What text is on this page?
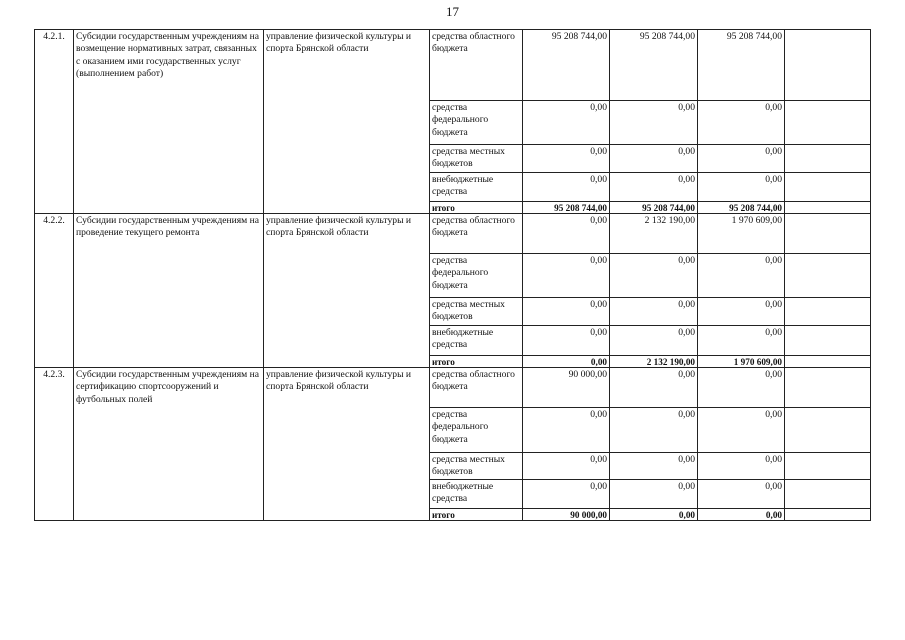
17
4.2.1.	Субсидии государственным учреждениям на возмещение нормативных затрат, связанных с оказанием ими государственных услуг (выполнением работ)	управление физической культуры и спорта Брянской области	средства областного бюджета	95 208 744,00	95 208 744,00	95 208 744,00	
			средства федерального бюджета	0,00	0,00	0,00	
			средства местных бюджетов	0,00	0,00	0,00	
			внебюджетные средства	0,00	0,00	0,00	
			итого	95 208 744,00	95 208 744,00	95 208 744,00	
4.2.2.	Субсидии государственным учреждениям на проведение текущего ремонта	управление физической культуры и спорта Брянской области	средства областного бюджета	0,00	2 132 190,00	1 970 609,00	
			средства федерального бюджета	0,00	0,00	0,00	
			средства местных бюджетов	0,00	0,00	0,00	
			внебюджетные средства	0,00	0,00	0,00	
			итого	0,00	2 132 190,00	1 970 609,00	
4.2.3.	Субсидии государственным учреждениям на сертификацию спортсооружений и футбольных полей	управление физической культуры и спорта Брянской области	средства областного бюджета	90 000,00	0,00	0,00	
			средства федерального бюджета	0,00	0,00	0,00	
			средства местных бюджетов	0,00	0,00	0,00	
			внебюджетные средства	0,00	0,00	0,00	
			итого	90 000,00	0,00	0,00	
